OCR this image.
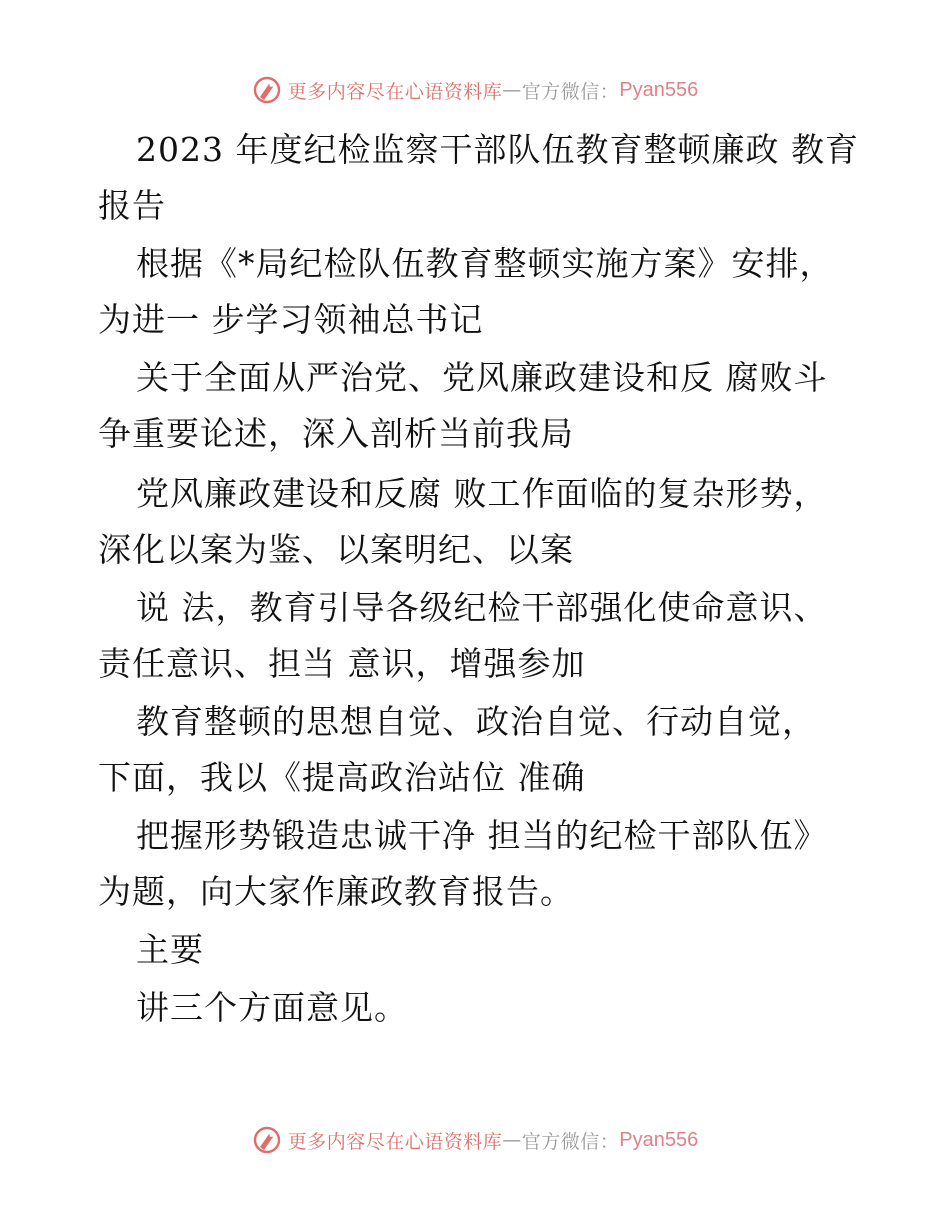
更多内容尽在心语资料库 — 官方微信： Pyan556
2023 年度纪检监察干部队伍教育整顿廉政 教育
报告
根据《*局纪检队伍教育整顿实施方案》安排，
为进一 步学习领袖总书记
关于全面从严治党、党风廉政建设和反 腐败斗
争重要论述，深入剖析当前我局
党风廉政建设和反腐 败工作面临的复杂形势，
深化以案为鉴、以案明纪、以案
说 法，教育引导各级纪检干部强化使命意识、
责任意识、担当 意识，增强参加
教育整顿的思想自觉、政治自觉、行动自觉，
下面，我以《提高政治站位 准确
把握形势锻造忠诚干净 担当的纪检干部队伍》
为题，向大家作廉政教育报告。
主要
讲三个方面意见。
更多内容尽在心语资料库 — 官方微信： Pyan556
